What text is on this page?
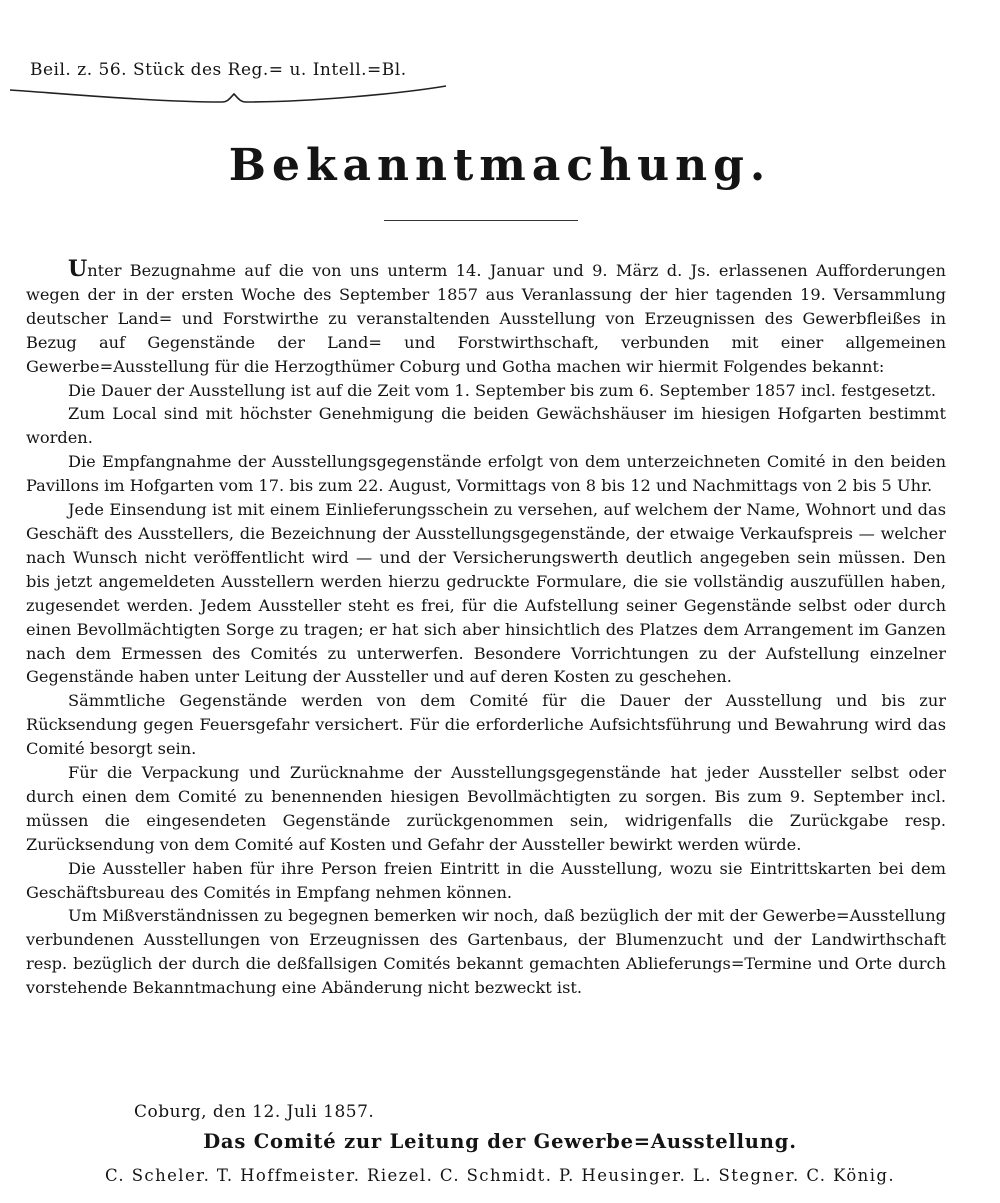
Beil. z. 56. Stück des Reg.= u. Intell.=Bl.
Bekanntmachung.

Unter Bezugnahme auf die von uns unterm 14. Januar und 9. März d. Js. erlassenen Aufforderungen wegen der in der ersten Woche des September 1857 aus Veranlassung der hier tagenden 19. Versammlung deutscher Land= und Forstwirthe zu veranstaltenden Ausstellung von Erzeugnissen des Gewerbfleißes in Bezug auf Gegenstände der Land= und Forstwirthschaft, verbunden mit einer allgemeinen Gewerbe=Ausstellung für die Herzogthümer Coburg und Gotha machen wir hiermit Folgendes bekannt:

Die Dauer der Ausstellung ist auf die Zeit vom 1. September bis zum 6. September 1857 incl. festgesetzt.

Zum Local sind mit höchster Genehmigung die beiden Gewächshäuser im hiesigen Hofgarten bestimmt worden.

Die Empfangnahme der Ausstellungsgegenstände erfolgt von dem unterzeichneten Comité in den beiden Pavillons im Hofgarten vom 17. bis zum 22. August, Vormittags von 8 bis 12 und Nachmittags von 2 bis 5 Uhr.

Jede Einsendung ist mit einem Einlieferungsschein zu versehen, auf welchem der Name, Wohnort und das Geschäft des Ausstellers, die Bezeichnung der Ausstellungsgegenstände, der etwaige Verkaufspreis — welcher nach Wunsch nicht veröffentlicht wird — und der Versicherungswerth deutlich angegeben sein müssen. Den bis jetzt angemeldeten Ausstellern werden hierzu gedruckte Formulare, die sie vollständig auszufüllen haben, zugesendet werden. Jedem Aussteller steht es frei, für die Aufstellung seiner Gegenstände selbst oder durch einen Bevollmächtigten Sorge zu tragen; er hat sich aber hinsichtlich des Platzes dem Arrangement im Ganzen nach dem Ermessen des Comités zu unterwerfen. Besondere Vorrichtungen zu der Aufstellung einzelner Gegenstände haben unter Leitung der Aussteller und auf deren Kosten zu geschehen.

Sämmtliche Gegenstände werden von dem Comité für die Dauer der Ausstellung und bis zur Rücksendung gegen Feuersgefahr versichert. Für die erforderliche Aufsichtsführung und Bewahrung wird das Comité besorgt sein.

Für die Verpackung und Zurücknahme der Ausstellungsgegenstände hat jeder Aussteller selbst oder durch einen dem Comité zu benennenden hiesigen Bevollmächtigten zu sorgen. Bis zum 9. September incl. müssen die eingesendeten Gegenstände zurückgenommen sein, widrigenfalls die Zurückgabe resp. Zurücksendung von dem Comité auf Kosten und Gefahr der Aussteller bewirkt werden würde.

Die Aussteller haben für ihre Person freien Eintritt in die Ausstellung, wozu sie Eintrittskarten bei dem Geschäftsbureau des Comités in Empfang nehmen können.

Um Mißverständnissen zu begegnen bemerken wir noch, daß bezüglich der mit der Gewerbe=Ausstellung verbundenen Ausstellungen von Erzeugnissen des Gartenbaus, der Blumenzucht und der Landwirthschaft resp. bezüglich der durch die deßfallsigen Comités bekannt gemachten Ablieferungs=Termine und Orte durch vorstehende Bekanntmachung eine Abänderung nicht bezweckt ist.

Coburg, den 12. Juli 1857.
Das Comité zur Leitung der Gewerbe=Ausstellung.
C. Scheler. T. Hoffmeister. Riezel. C. Schmidt. P. Heusinger. L. Stegner. C. König.
